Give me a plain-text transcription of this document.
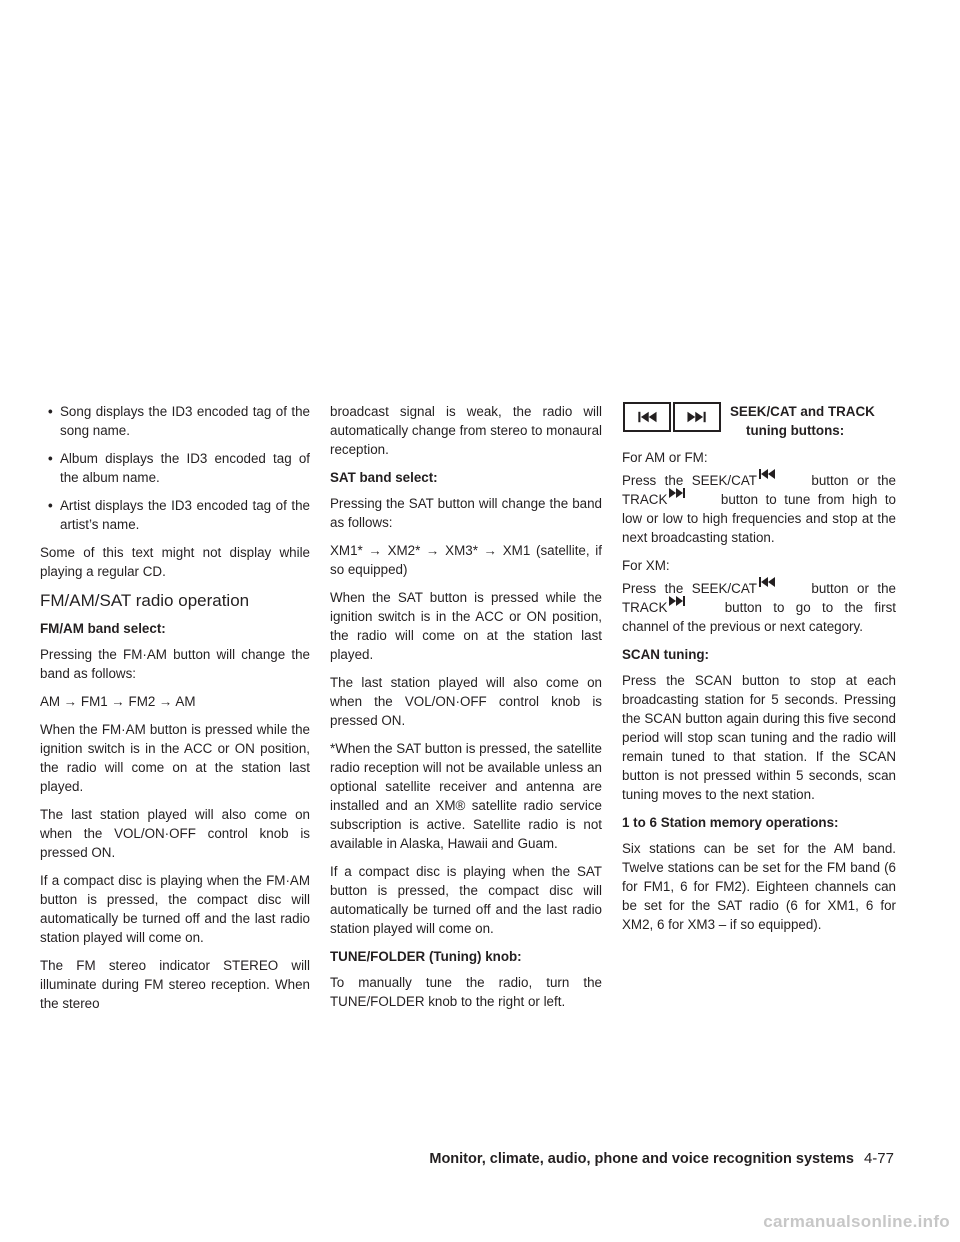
• Song displays the ID3 encoded tag of the song name.
• Album displays the ID3 encoded tag of the album name.
• Artist displays the ID3 encoded tag of the artist’s name.

Some of this text might not display while playing a regular CD.

FM/AM/SAT radio operation
FM/AM band select:

Pressing the FM·AM button will change the band as follows:

AM → FM1 → FM2 → AM

When the FM·AM button is pressed while the ignition switch is in the ACC or ON position, the radio will come on at the station last played.

The last station played will also come on when the VOL/ON·OFF control knob is pressed ON.

If a compact disc is playing when the FM·AM button is pressed, the compact disc will automatically be turned off and the last radio station played will come on.

The FM stereo indicator STEREO will illuminate during FM stereo reception. When the stereo

broadcast signal is weak, the radio will automatically change from stereo to monaural reception.

SAT band select:

Pressing the SAT button will change the band as follows:

XM1* → XM2* → XM3* → XM1 (satellite, if so equipped)

When the SAT button is pressed while the ignition switch is in the ACC or ON position, the radio will come on at the station last played.

The last station played will also come on when the VOL/ON·OFF control knob is pressed ON.

*When the SAT button is pressed, the satellite radio reception will not be available unless an optional satellite receiver and antenna are installed and an XM® satellite radio service subscription is active. Satellite radio is not available in Alaska, Hawaii and Guam.

If a compact disc is playing when the SAT button is pressed, the compact disc will automatically be turned off and the last radio station played will come on.

TUNE/FOLDER (Tuning) knob:

To manually tune the radio, turn the TUNE/FOLDER knob to the right or left.

SEEK/CAT and TRACK
tuning buttons:

For AM or FM:

Press the SEEK/CAT	button or the TRACK	button to tune from high to low or low to high frequencies and stop at the next broadcasting station.

For XM:

Press the SEEK/CAT	button or the TRACK	button to go to the first channel of the previous or next category.

SCAN tuning:

Press the SCAN button to stop at each broadcasting station for 5 seconds. Pressing the SCAN button again during this five second period will stop scan tuning and the radio will remain tuned to that station. If the SCAN button is not pressed within 5 seconds, scan tuning moves to the next station.

1 to 6 Station memory operations:

Six stations can be set for the AM band. Twelve stations can be set for the FM band (6 for FM1, 6 for FM2). Eighteen channels can be set for the SAT radio (6 for XM1, 6 for XM2, 6 for XM3 – if so equipped).

Monitor, climate, audio, phone and voice recognition systems 4-77
carmanualsonline.info
